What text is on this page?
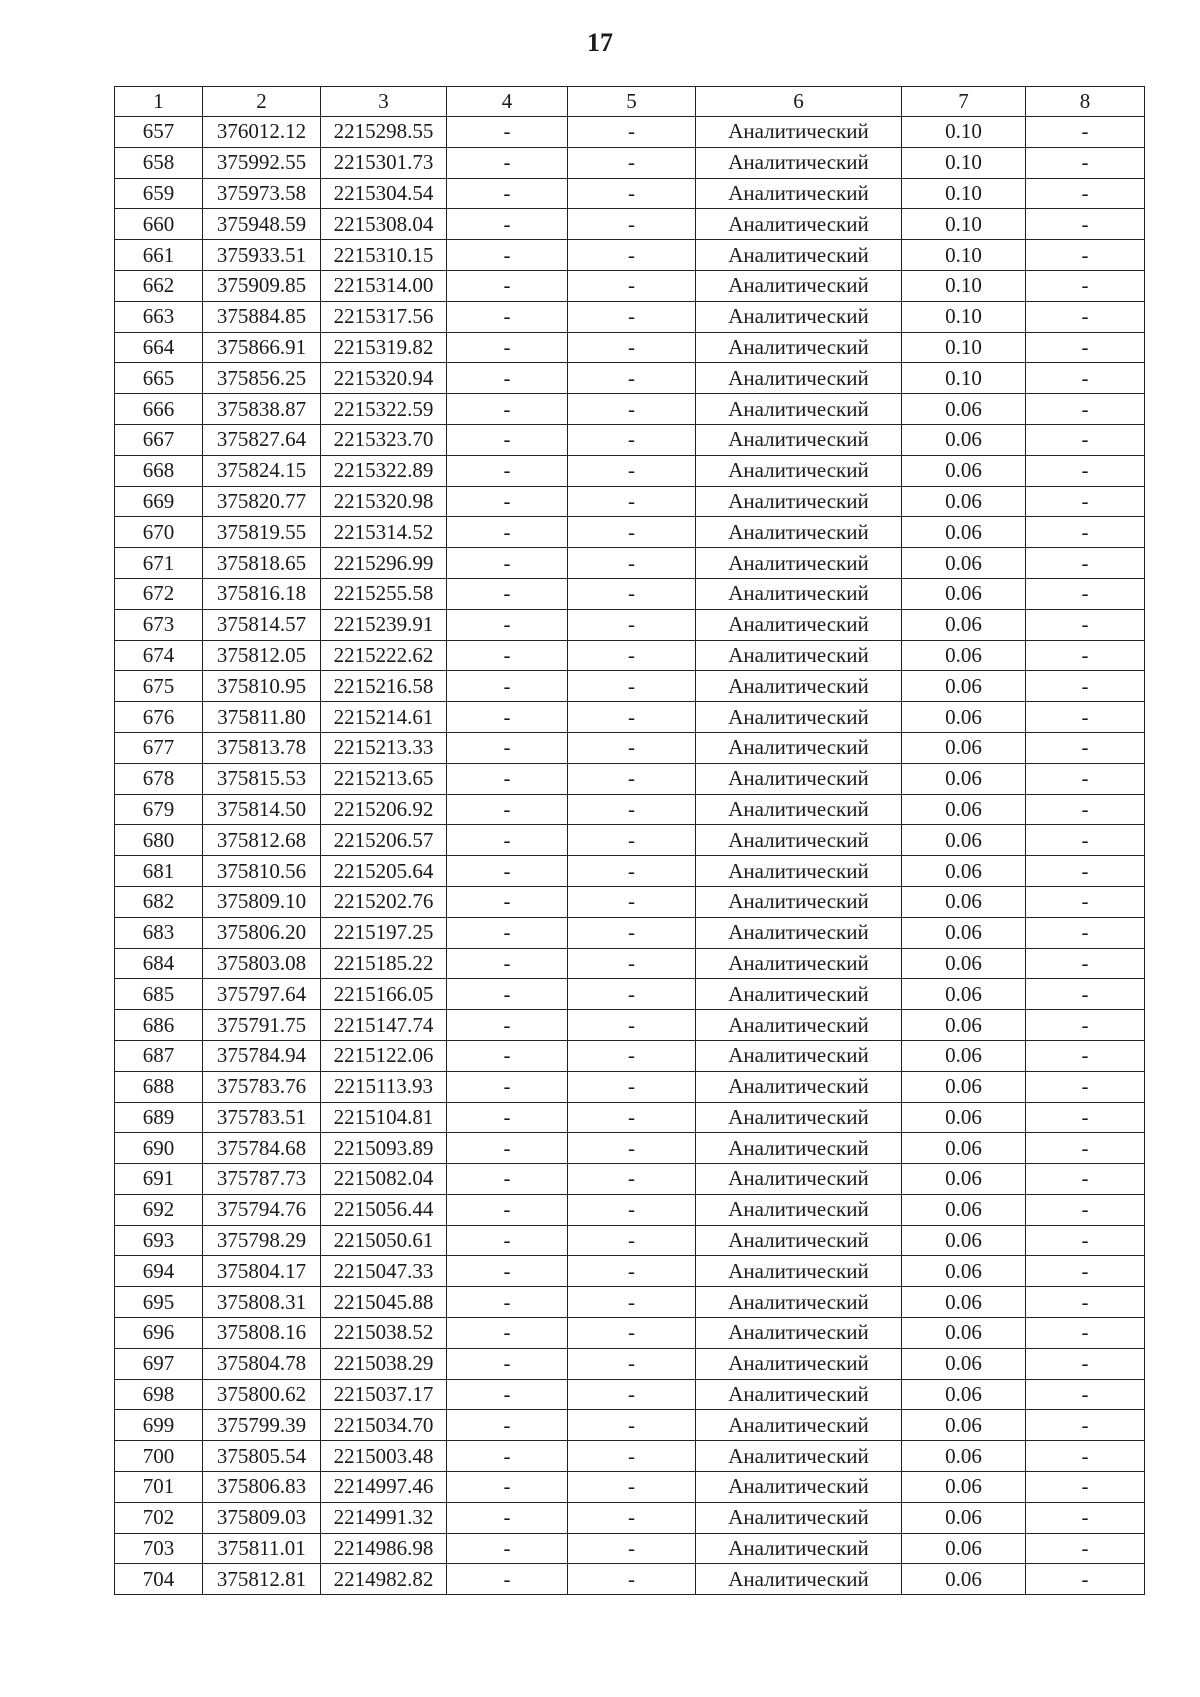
17
1	2	3	4	5	6	7	8
657	376012.12	2215298.55	-	-	Аналитический	0.10	-
658	375992.55	2215301.73	-	-	Аналитический	0.10	-
659	375973.58	2215304.54	-	-	Аналитический	0.10	-
660	375948.59	2215308.04	-	-	Аналитический	0.10	-
661	375933.51	2215310.15	-	-	Аналитический	0.10	-
662	375909.85	2215314.00	-	-	Аналитический	0.10	-
663	375884.85	2215317.56	-	-	Аналитический	0.10	-
664	375866.91	2215319.82	-	-	Аналитический	0.10	-
665	375856.25	2215320.94	-	-	Аналитический	0.10	-
666	375838.87	2215322.59	-	-	Аналитический	0.06	-
667	375827.64	2215323.70	-	-	Аналитический	0.06	-
668	375824.15	2215322.89	-	-	Аналитический	0.06	-
669	375820.77	2215320.98	-	-	Аналитический	0.06	-
670	375819.55	2215314.52	-	-	Аналитический	0.06	-
671	375818.65	2215296.99	-	-	Аналитический	0.06	-
672	375816.18	2215255.58	-	-	Аналитический	0.06	-
673	375814.57	2215239.91	-	-	Аналитический	0.06	-
674	375812.05	2215222.62	-	-	Аналитический	0.06	-
675	375810.95	2215216.58	-	-	Аналитический	0.06	-
676	375811.80	2215214.61	-	-	Аналитический	0.06	-
677	375813.78	2215213.33	-	-	Аналитический	0.06	-
678	375815.53	2215213.65	-	-	Аналитический	0.06	-
679	375814.50	2215206.92	-	-	Аналитический	0.06	-
680	375812.68	2215206.57	-	-	Аналитический	0.06	-
681	375810.56	2215205.64	-	-	Аналитический	0.06	-
682	375809.10	2215202.76	-	-	Аналитический	0.06	-
683	375806.20	2215197.25	-	-	Аналитический	0.06	-
684	375803.08	2215185.22	-	-	Аналитический	0.06	-
685	375797.64	2215166.05	-	-	Аналитический	0.06	-
686	375791.75	2215147.74	-	-	Аналитический	0.06	-
687	375784.94	2215122.06	-	-	Аналитический	0.06	-
688	375783.76	2215113.93	-	-	Аналитический	0.06	-
689	375783.51	2215104.81	-	-	Аналитический	0.06	-
690	375784.68	2215093.89	-	-	Аналитический	0.06	-
691	375787.73	2215082.04	-	-	Аналитический	0.06	-
692	375794.76	2215056.44	-	-	Аналитический	0.06	-
693	375798.29	2215050.61	-	-	Аналитический	0.06	-
694	375804.17	2215047.33	-	-	Аналитический	0.06	-
695	375808.31	2215045.88	-	-	Аналитический	0.06	-
696	375808.16	2215038.52	-	-	Аналитический	0.06	-
697	375804.78	2215038.29	-	-	Аналитический	0.06	-
698	375800.62	2215037.17	-	-	Аналитический	0.06	-
699	375799.39	2215034.70	-	-	Аналитический	0.06	-
700	375805.54	2215003.48	-	-	Аналитический	0.06	-
701	375806.83	2214997.46	-	-	Аналитический	0.06	-
702	375809.03	2214991.32	-	-	Аналитический	0.06	-
703	375811.01	2214986.98	-	-	Аналитический	0.06	-
704	375812.81	2214982.82	-	-	Аналитический	0.06	-
